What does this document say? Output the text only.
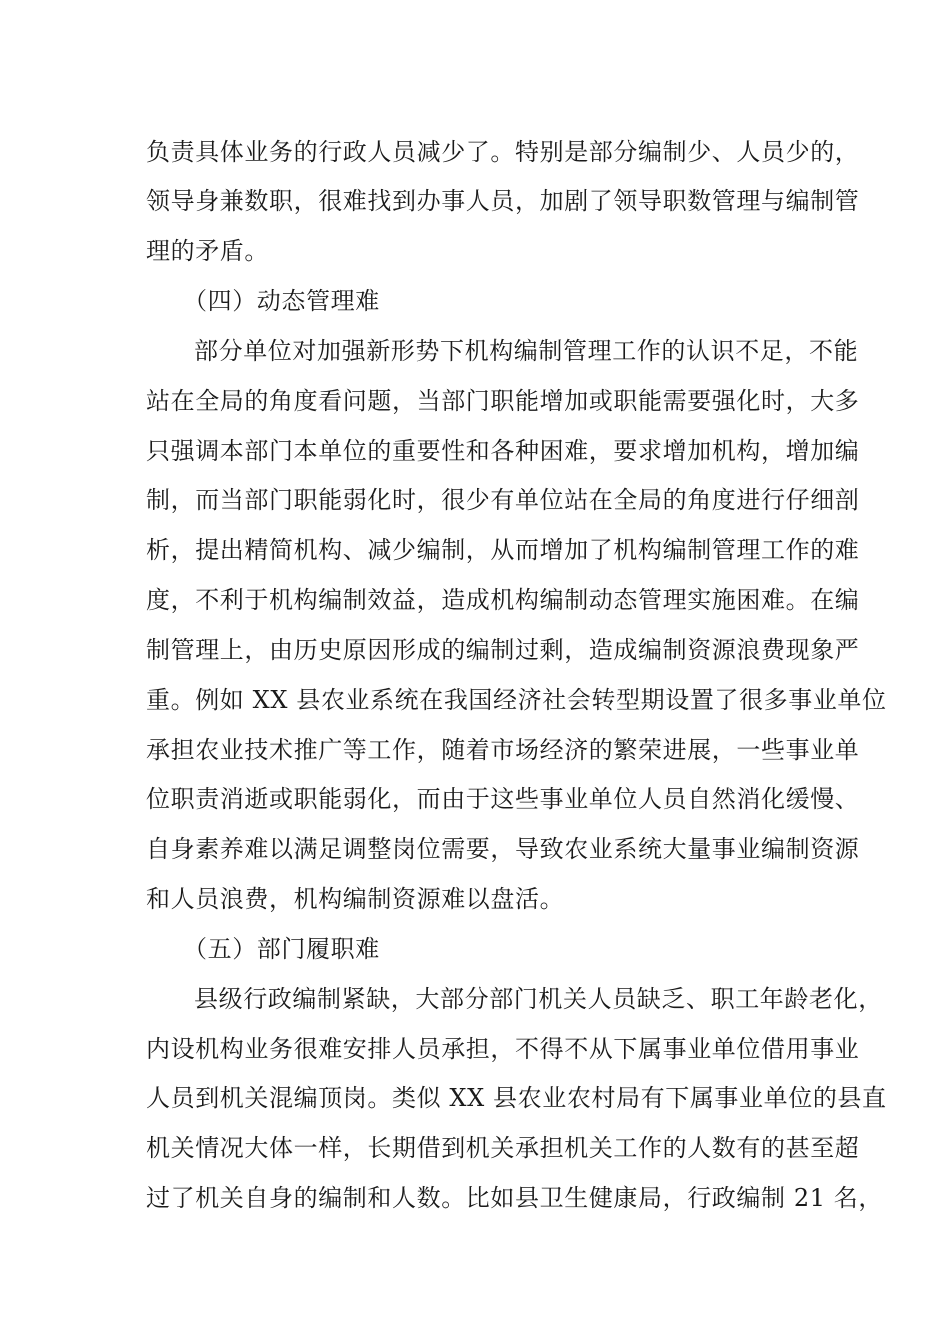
负责具体业务的行政人员减少了。特别是部分编制少、人员少的，
领导身兼数职，很难找到办事人员，加剧了领导职数管理与编制管
理的矛盾。
（四）动态管理难
部分单位对加强新形势下机构编制管理工作的认识不足，不能
站在全局的角度看问题，当部门职能增加或职能需要强化时，大多
只强调本部门本单位的重要性和各种困难，要求增加机构，增加编
制，而当部门职能弱化时，很少有单位站在全局的角度进行仔细剖
析，提出精简机构、减少编制，从而增加了机构编制管理工作的难
度，不利于机构编制效益，造成机构编制动态管理实施困难。在编
制管理上，由历史原因形成的编制过剩，造成编制资源浪费现象严
重。例如 XX 县农业系统在我国经济社会转型期设置了很多事业单位
承担农业技术推广等工作，随着市场经济的繁荣进展，一些事业单
位职责消逝或职能弱化，而由于这些事业单位人员自然消化缓慢、
自身素养难以满足调整岗位需要，导致农业系统大量事业编制资源
和人员浪费，机构编制资源难以盘活。
（五）部门履职难
县级行政编制紧缺，大部分部门机关人员缺乏、职工年龄老化，
内设机构业务很难安排人员承担，不得不从下属事业单位借用事业
人员到机关混编顶岗。类似 XX 县农业农村局有下属事业单位的县直
机关情况大体一样，长期借到机关承担机关工作的人数有的甚至超
过了机关自身的编制和人数。比如县卫生健康局，行政编制 21 名，
